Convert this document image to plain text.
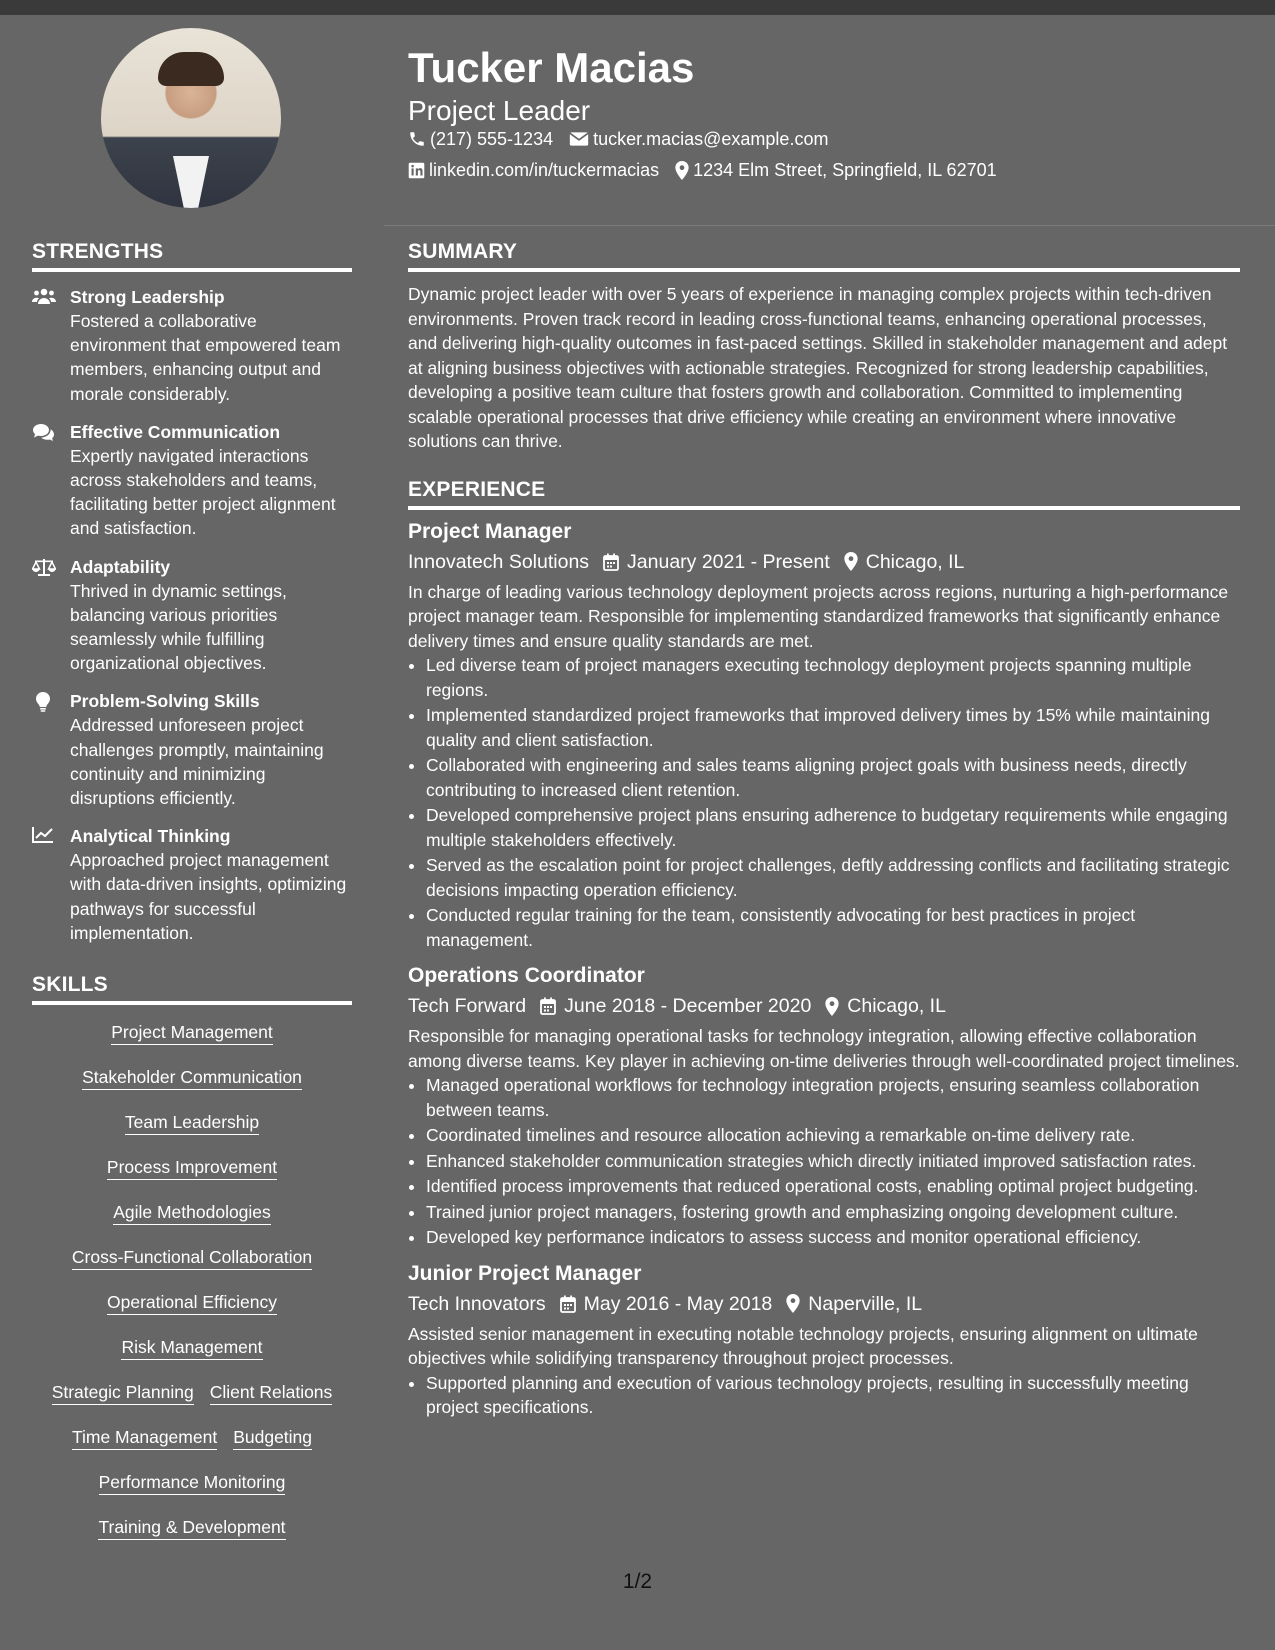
Tucker Macias
Project Leader
(217) 555-1234 tucker.macias@example.com
linkedin.com/in/tuckermacias 1234 Elm Street, Springfield, IL 62701
STRENGTHS
Strong Leadership
Fostered a collaborative environment that empowered team members, enhancing output and morale considerably.
Effective Communication
Expertly navigated interactions across stakeholders and teams, facilitating better project alignment and satisfaction.
Adaptability
Thrived in dynamic settings, balancing various priorities seamlessly while fulfilling organizational objectives.
Problem-Solving Skills
Addressed unforeseen project challenges promptly, maintaining continuity and minimizing disruptions efficiently.
Analytical Thinking
Approached project management with data-driven insights, optimizing pathways for successful implementation.
SKILLS
Project Management
Stakeholder Communication
Team Leadership
Process Improvement
Agile Methodologies
Cross-Functional Collaboration
Operational Efficiency
Risk Management
Strategic Planning Client Relations
Time Management Budgeting
Performance Monitoring
Training & Development
SUMMARY

Dynamic project leader with over 5 years of experience in managing complex projects within tech-driven environments. Proven track record in leading cross-functional teams, enhancing operational processes, and delivering high-quality outcomes in fast-paced settings. Skilled in stakeholder management and adept at aligning business objectives with actionable strategies. Recognized for strong leadership capabilities, developing a positive team culture that fosters growth and collaboration. Committed to implementing scalable operational processes that drive efficiency while creating an environment where innovative solutions can thrive.

EXPERIENCE
Project Manager
Innovatech Solutions January 2021 - Present Chicago, IL
In charge of leading various technology deployment projects across regions, nurturing a high-performance project manager team. Responsible for implementing standardized frameworks that significantly enhance delivery times and ensure quality standards are met.
• Led diverse team of project managers executing technology deployment projects spanning multiple regions.
• Implemented standardized project frameworks that improved delivery times by 15% while maintaining quality and client satisfaction.
• Collaborated with engineering and sales teams aligning project goals with business needs, directly contributing to increased client retention.
• Developed comprehensive project plans ensuring adherence to budgetary requirements while engaging multiple stakeholders effectively.
• Served as the escalation point for project challenges, deftly addressing conflicts and facilitating strategic decisions impacting operation efficiency.
• Conducted regular training for the team, consistently advocating for best practices in project management.
Operations Coordinator
Tech Forward June 2018 - December 2020 Chicago, IL
Responsible for managing operational tasks for technology integration, allowing effective collaboration among diverse teams. Key player in achieving on-time deliveries through well-coordinated project timelines.
• Managed operational workflows for technology integration projects, ensuring seamless collaboration between teams.
• Coordinated timelines and resource allocation achieving a remarkable on-time delivery rate.
• Enhanced stakeholder communication strategies which directly initiated improved satisfaction rates.
• Identified process improvements that reduced operational costs, enabling optimal project budgeting.
• Trained junior project managers, fostering growth and emphasizing ongoing development culture.
• Developed key performance indicators to assess success and monitor operational efficiency.
Junior Project Manager
Tech Innovators May 2016 - May 2018 Naperville, IL
Assisted senior management in executing notable technology projects, ensuring alignment on ultimate objectives while solidifying transparency throughout project processes.
• Supported planning and execution of various technology projects, resulting in successfully meeting project specifications.
1/2
